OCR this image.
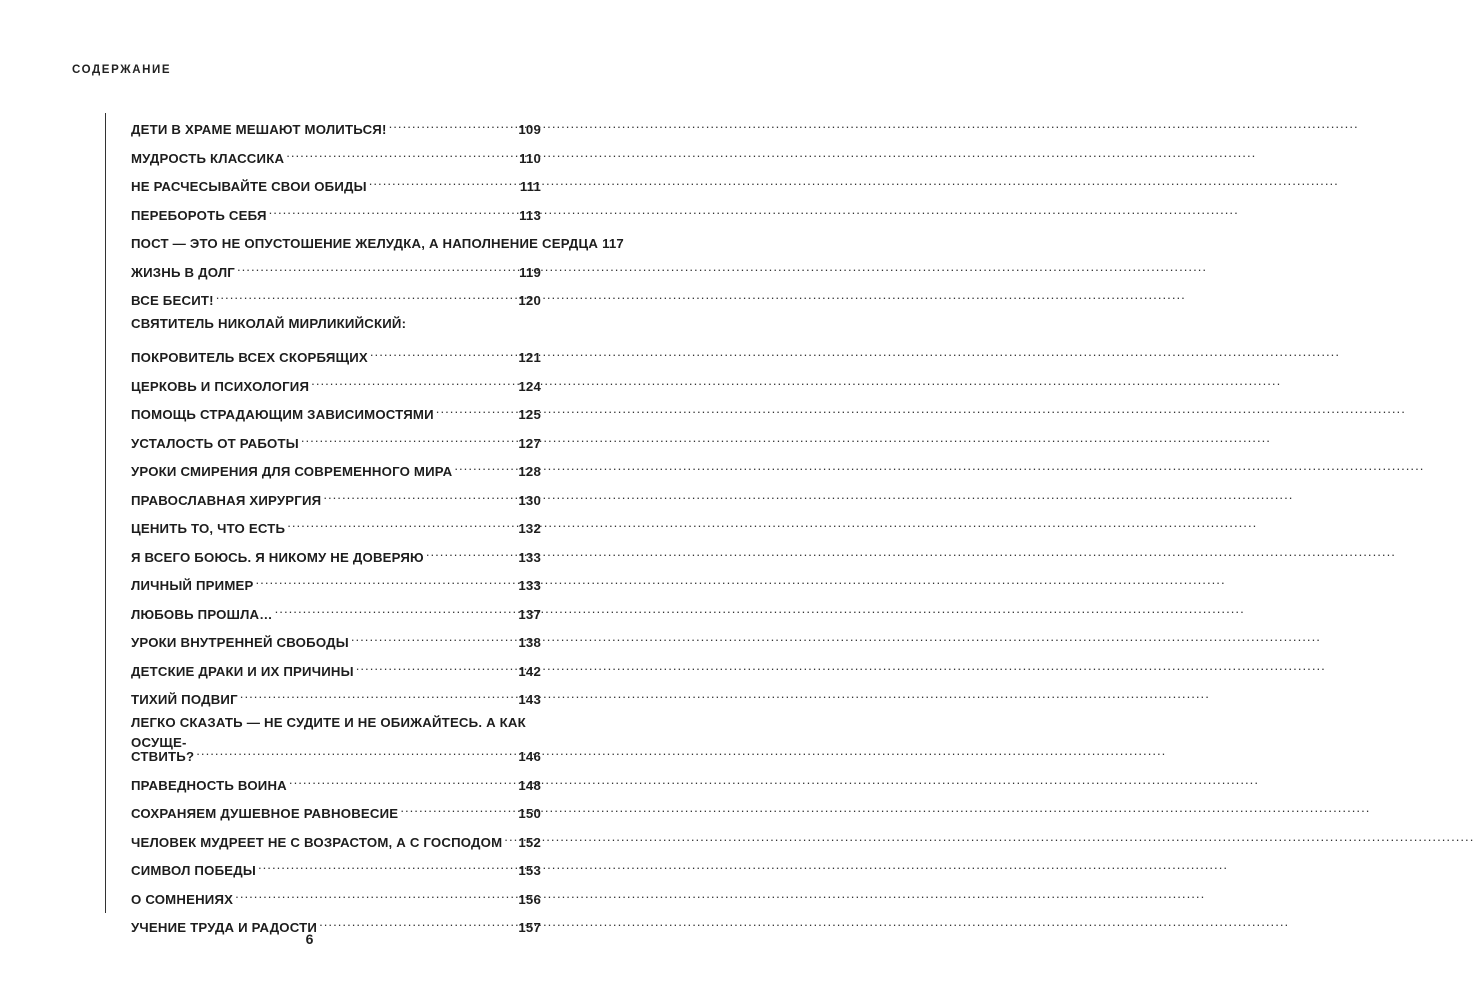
СОДЕРЖАНИЕ
ДЕТИ В ХРАМЕ МЕШАЮТ МОЛИТЬСЯ! .....	109
МУДРОСТЬ КЛАССИКА .....	110
НЕ РАСЧЕСЫВАЙТЕ СВОИ ОБИДЫ .....	111
ПЕРЕБОРОТЬ СЕБЯ .....	113
ПОСТ — ЭТО НЕ ОПУСТОШЕНИЕ ЖЕЛУДКА, А НАПОЛНЕНИЕ СЕРДЦА 117
ЖИЗНЬ В ДОЛГ .....	119
ВСЕ БЕСИТ! .....	120
СВЯТИТЕЛЬ НИКОЛАЙ МИРЛИКИЙСКИЙ:
ПОКРОВИТЕЛЬ ВСЕХ СКОРБЯЩИХ .....	121
ЦЕРКОВЬ И ПСИХОЛОГИЯ .....	124
ПОМОЩЬ СТРАДАЮЩИМ ЗАВИСИМОСТЯМИ .....	125
УСТАЛОСТЬ ОТ РАБОТЫ .....	127
УРОКИ СМИРЕНИЯ ДЛЯ СОВРЕМЕННОГО МИРА .....	128
ПРАВОСЛАВНАЯ ХИРУРГИЯ .....	130
ЦЕНИТЬ ТО, ЧТО ЕСТЬ .....	132
Я ВСЕГО БОЮСЬ. Я НИКОМУ НЕ ДОВЕРЯЮ .....	133
ЛИЧНЫЙ ПРИМЕР .....	133
ЛЮБОВЬ ПРОШЛА… .....	137
УРОКИ ВНУТРЕННЕЙ СВОБОДЫ .....	138
ДЕТСКИЕ ДРАКИ И ИХ ПРИЧИНЫ .....	142
ТИХИЙ ПОДВИГ .....	143
ЛЕГКО СКАЗАТЬ — НЕ СУДИТЕ И НЕ ОБИЖАЙТЕСЬ. А КАК ОСУЩЕ-
СТВИТЬ? .....	146
ПРАВЕДНОСТЬ ВОИНА .....	148
СОХРАНЯЕМ ДУШЕВНОЕ РАВНОВЕСИЕ .....	150
ЧЕЛОВЕК МУДРЕЕТ НЕ С ВОЗРАСТОМ, А С ГОСПОДОМ ..... 152
СИМВОЛ ПОБЕДЫ .....	153
О СОМНЕНИЯХ .....	156
УЧЕНИЕ ТРУДА И РАДОСТИ .....	157
6
